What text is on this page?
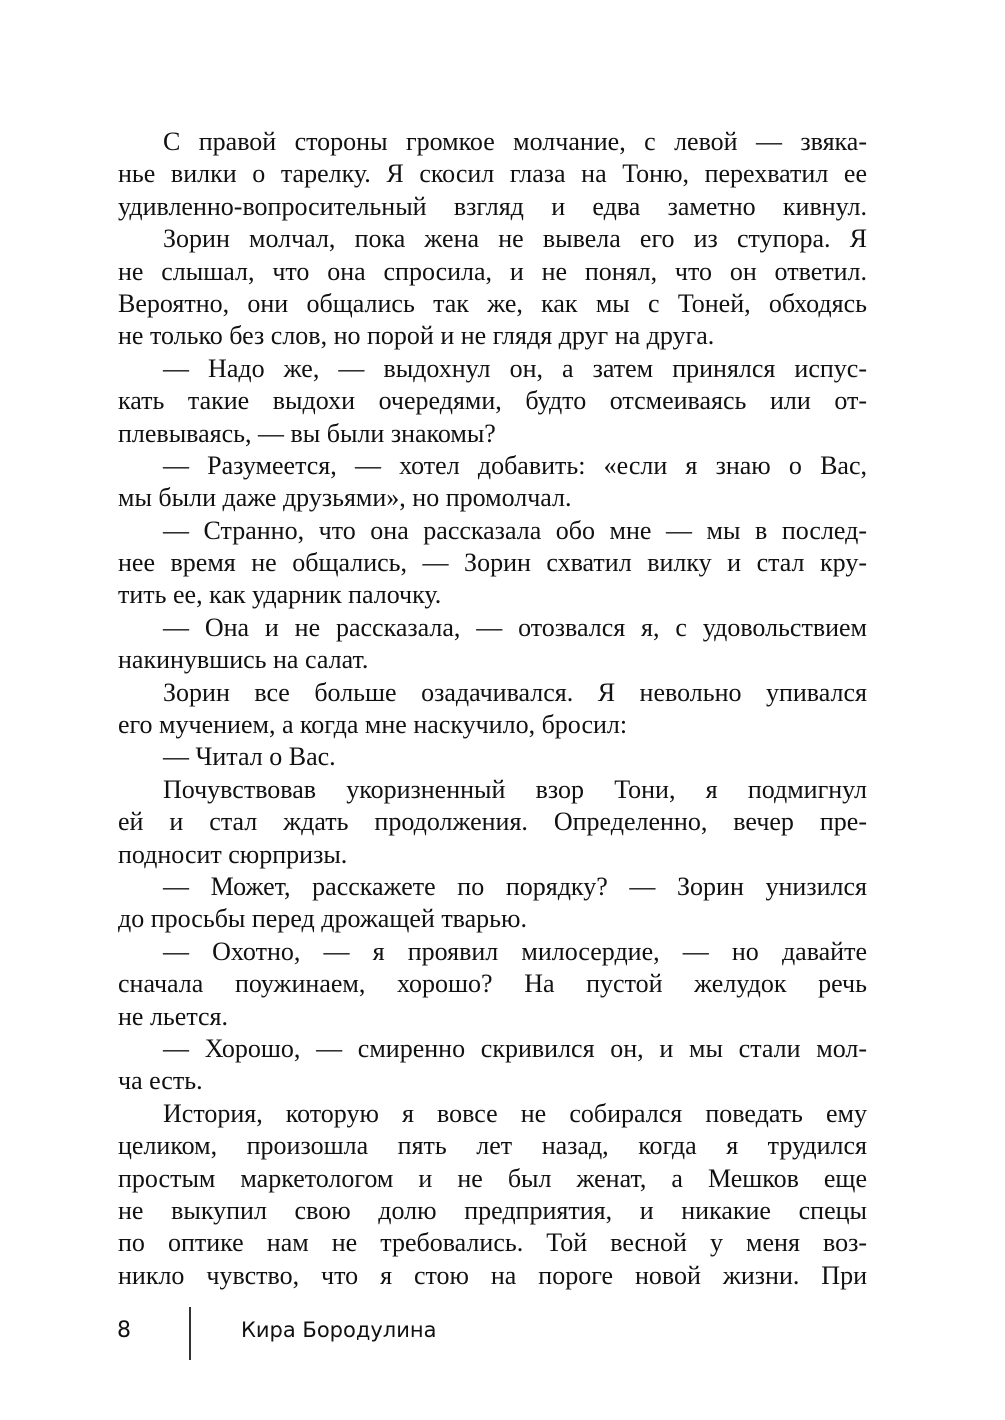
С правой стороны громкое молчание, с левой — звяка-
нье вилки о тарелку. Я скосил глаза на Тоню, перехватил ее
удивленно-вопросительный взгляд и едва заметно кивнул.
Зорин молчал, пока жена не вывела его из ступора. Я
не слышал, что она спросила, и не понял, что он ответил.
Вероятно, они общались так же, как мы с Тоней, обходясь
не только без слов, но порой и не глядя друг на друга.
— Надо же, — выдохнул он, а затем принялся испус-
кать такие выдохи очередями, будто отсмеиваясь или от-
плевываясь, — вы были знакомы?
— Разумеется, — хотел добавить: «если я знаю о Вас,
мы были даже друзьями», но промолчал.
— Странно, что она рассказала обо мне — мы в послед-
нее время не общались, — Зорин схватил вилку и стал кру-
тить ее, как ударник палочку.
— Она и не рассказала, — отозвался я, с удовольствием
накинувшись на салат.
Зорин все больше озадачивался. Я невольно упивался
его мучением, а когда мне наскучило, бросил:
— Читал о Вас.
Почувствовав укоризненный взор Тони, я подмигнул
ей и стал ждать продолжения. Определенно, вечер пре-
подносит сюрпризы.
— Может, расскажете по порядку? — Зорин унизился
до просьбы перед дрожащей тварью.
— Охотно, — я проявил милосердие, — но давайте
сначала поужинаем, хорошо? На пустой желудок речь
не льется.
— Хорошо, — смиренно скривился он, и мы стали мол-
ча есть.
История, которую я вовсе не собирался поведать ему
целиком, произошла пять лет назад, когда я трудился
простым маркетологом и не был женат, а Мешков еще
не выкупил свою долю предприятия, и никакие спецы
по оптике нам не требовались. Той весной у меня воз-
никло чувство, что я стою на пороге новой жизни. При
8	Кира Бородулина
